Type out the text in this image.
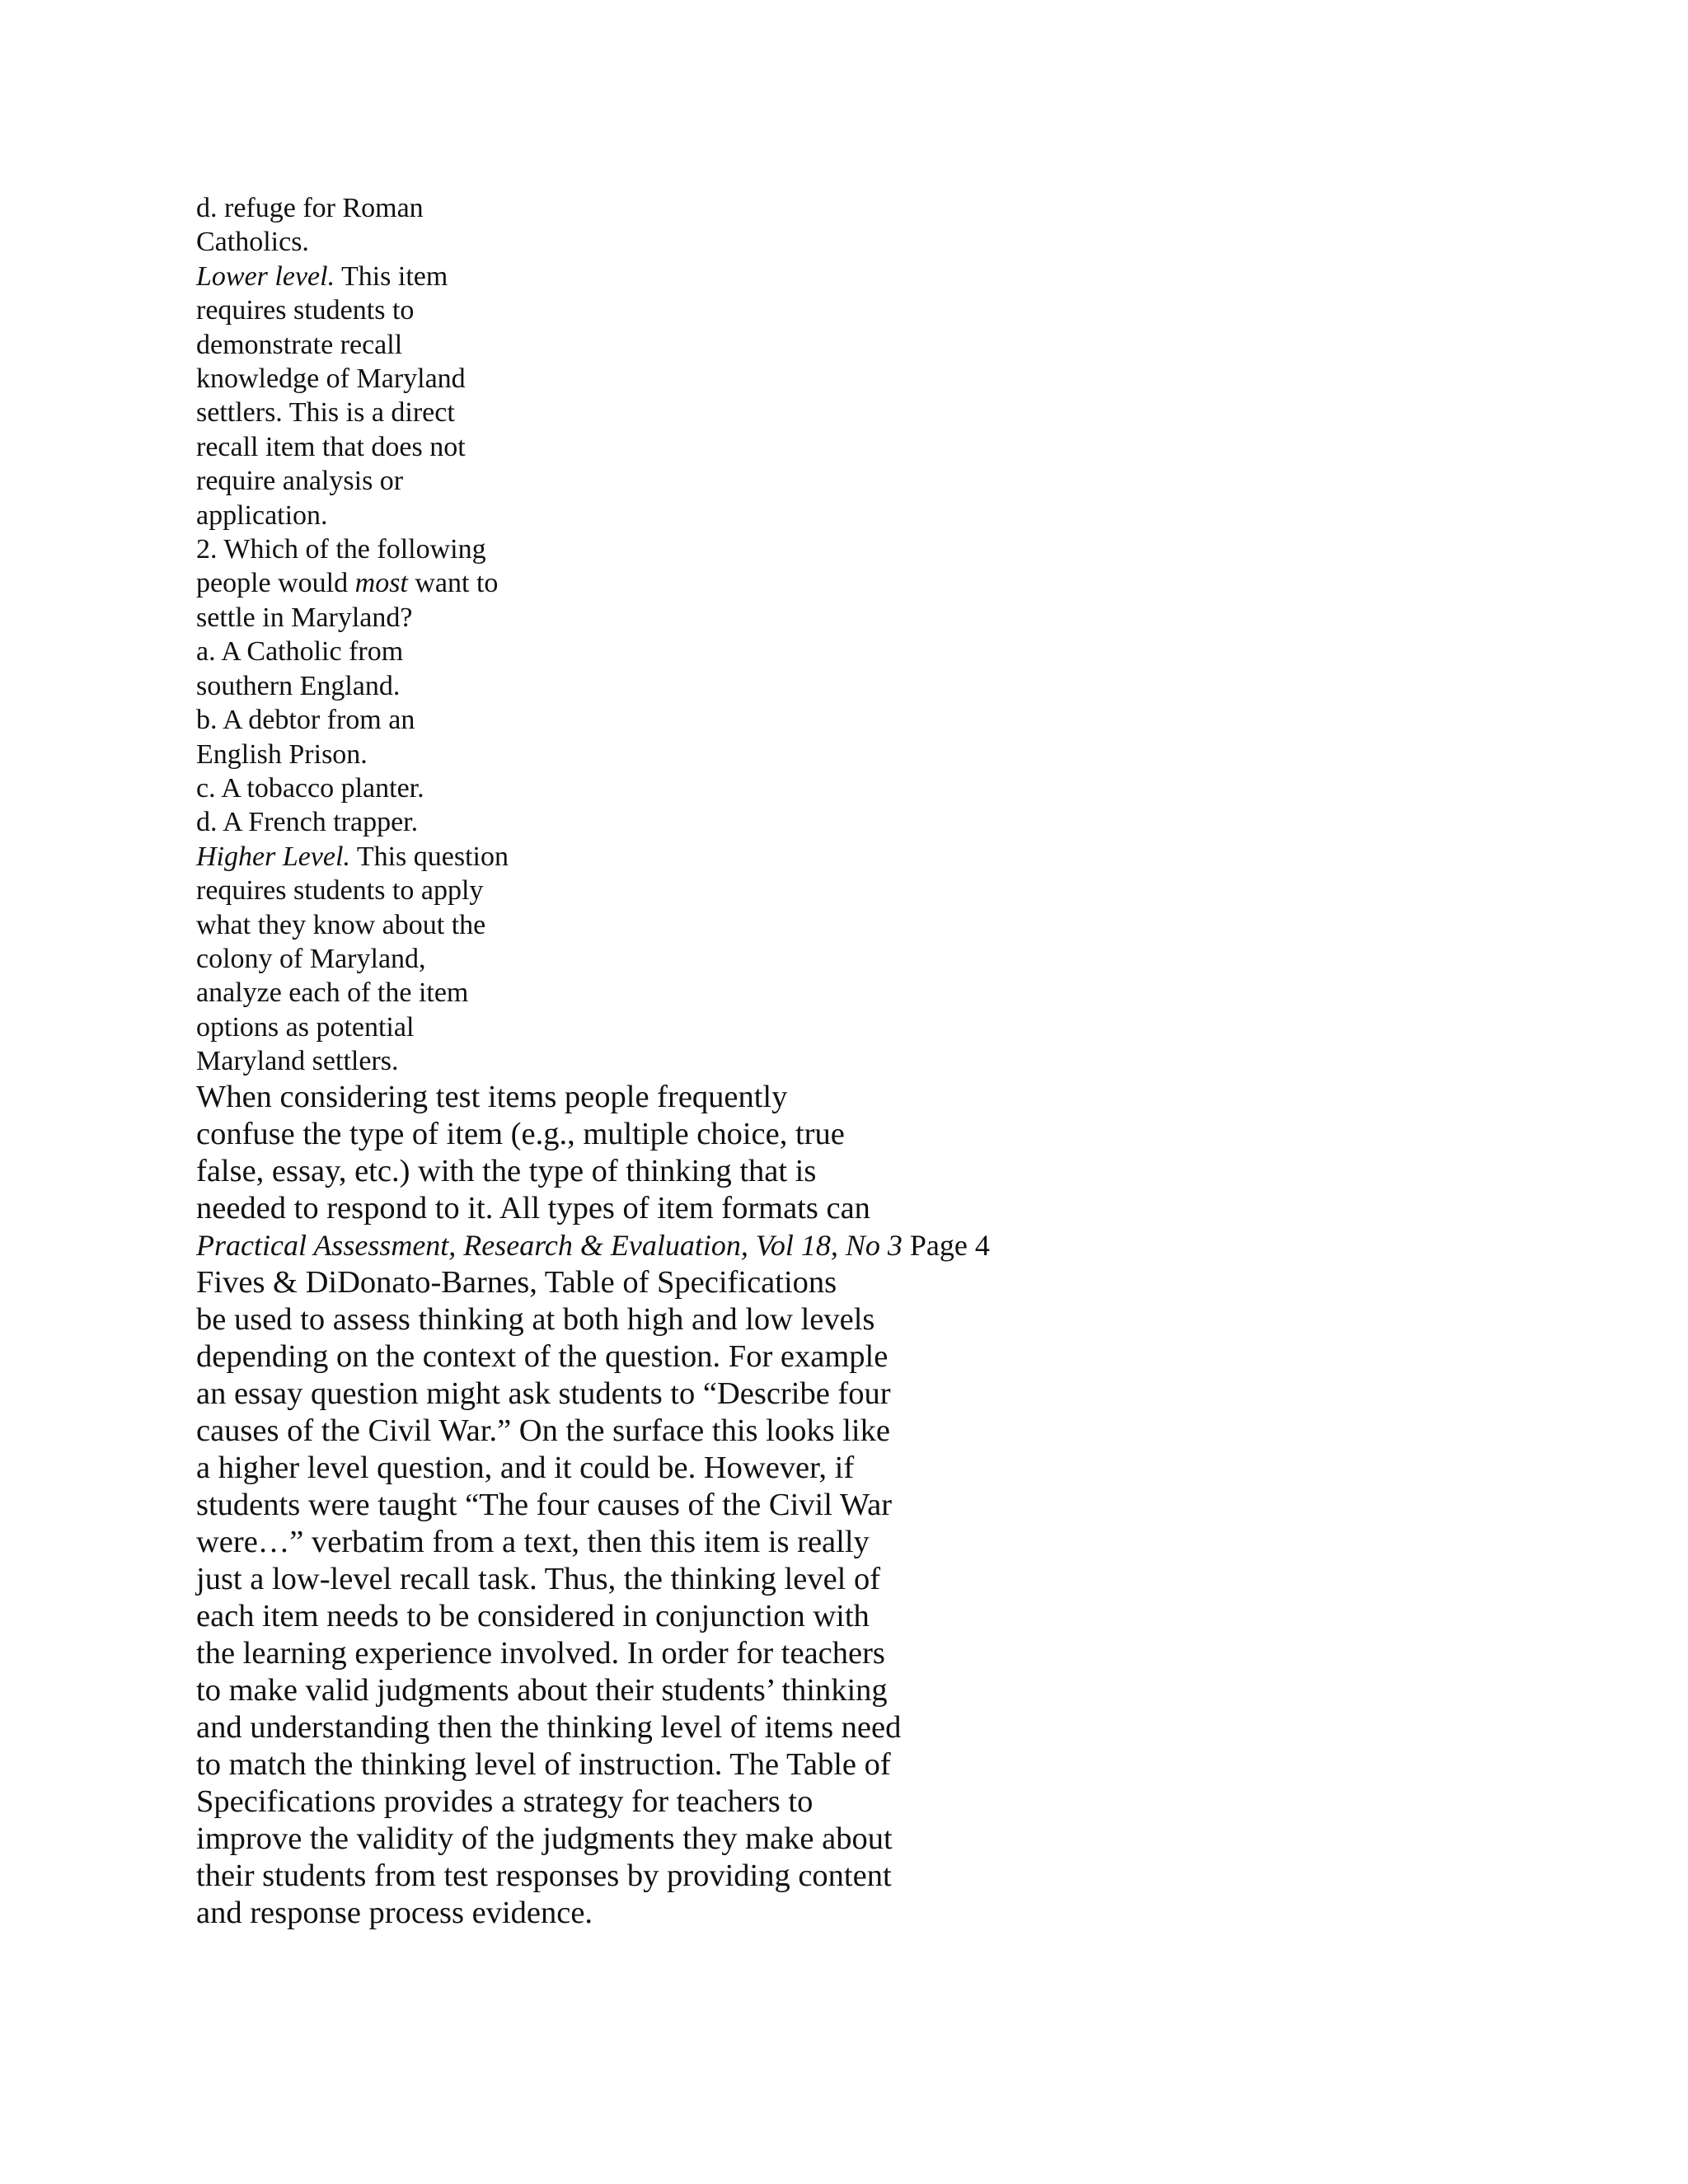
d. refuge for Roman
Catholics.
Lower level. This item
requires students to
demonstrate recall
knowledge of Maryland
settlers. This is a direct
recall item that does not
require analysis or
application.
2. Which of the following
people would most want to
settle in Maryland?
a. A Catholic from
southern England.
b. A debtor from an
English Prison.
c. A tobacco planter.
d. A French trapper.
Higher Level. This question
requires students to apply
what they know about the
colony of Maryland,
analyze each of the item
options as potential
Maryland settlers.
When considering test items people frequently
confuse the type of item (e.g., multiple choice, true
false, essay, etc.) with the type of thinking that is
needed to respond to it. All types of item formats can
Practical Assessment, Research & Evaluation, Vol 18, No 3 Page 4
Fives & DiDonato-Barnes, Table of Specifications
be used to assess thinking at both high and low levels
depending on the context of the question. For example
an essay question might ask students to “Describe four
causes of the Civil War.” On the surface this looks like
a higher level question, and it could be. However, if
students were taught “The four causes of the Civil War
were…” verbatim from a text, then this item is really
just a low-level recall task. Thus, the thinking level of
each item needs to be considered in conjunction with
the learning experience involved. In order for teachers
to make valid judgments about their students’ thinking
and understanding then the thinking level of items need
to match the thinking level of instruction. The Table of
Specifications provides a strategy for teachers to
improve the validity of the judgments they make about
their students from test responses by providing content
and response process evidence.
